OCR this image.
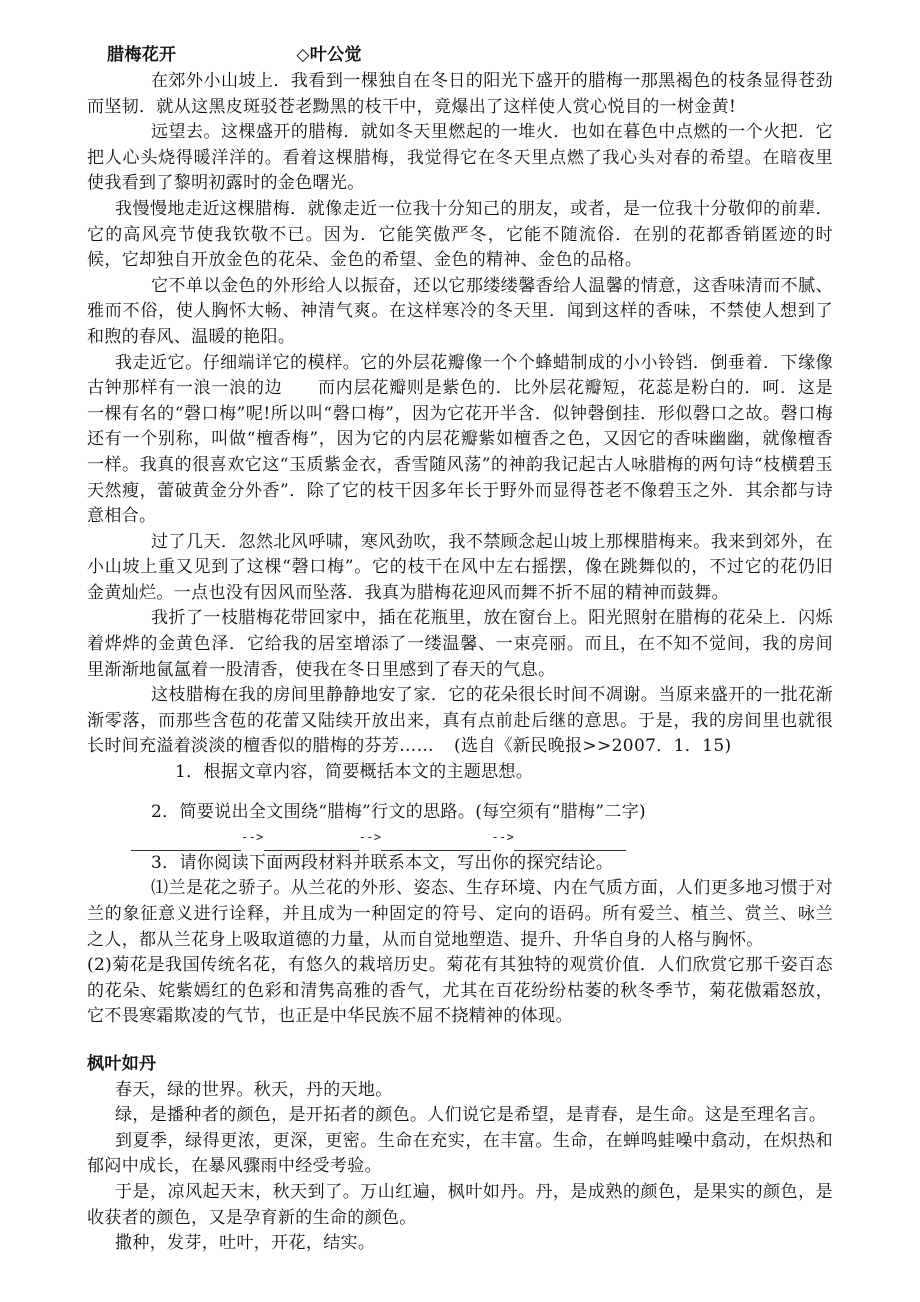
腊梅花开	◇叶公觉

在郊外小山坡上．我看到一棵独自在冬日的阳光下盛开的腊梅一那黑褐色的枝条显得苍劲而坚韧．就从这黑皮斑驳苍老黝黑的枝干中，竟爆出了这样使人赏心悦目的一树金黄!

远望去。这棵盛开的腊梅．就如冬天里燃起的一堆火．也如在暮色中点燃的一个火把．它把人心头烧得暖洋洋的。看着这棵腊梅，我觉得它在冬天里点燃了我心头对春的希望。在暗夜里使我看到了黎明初露时的金色曙光。

我慢慢地走近这棵腊梅．就像走近一位我十分知己的朋友，或者，是一位我十分敬仰的前辈．它的高风亮节使我钦敬不已。因为．它能笑傲严冬，它能不随流俗．在别的花都香销匿迹的时候，它却独自开放金色的花朵、金色的希望、金色的精神、金色的品格。

它不单以金色的外形给人以振奋，还以它那缕缕馨香给人温馨的情意，这香味清而不腻、雅而不俗，使人胸怀大畅、神清气爽。在这样寒冷的冬天里．闻到这样的香味，不禁使人想到了和煦的春风、温暖的艳阳。

我走近它。仔细端详它的模样。它的外层花瓣像一个个蜂蜡制成的小小铃铛．倒垂着．下缘像古钟那样有一浪一浪的边　　而内层花瓣则是紫色的．比外层花瓣短，花蕊是粉白的．呵．这是一棵有名的“磬口梅”呢!所以叫“磬口梅”，因为它花开半含．似钟磬倒挂．形似磬口之故。磬口梅还有一个别称，叫做“檀香梅”，因为它的内层花瓣紫如檀香之色，又因它的香味幽幽，就像檀香一样。我真的很喜欢它这“玉质紫金衣，香雪随风荡”的神韵我记起古人咏腊梅的两句诗“枝横碧玉天然瘦，蕾破黄金分外香”．除了它的枝干因多年长于野外而显得苍老不像碧玉之外．其余都与诗意相合。

过了几天．忽然北风呼啸，寒风劲吹，我不禁顾念起山坡上那棵腊梅来。我来到郊外，在小山坡上重又见到了这棵“磬口梅”。它的枝干在风中左右摇摆，像在跳舞似的，不过它的花仍旧金黄灿烂。一点也没有因风而坠落．我真为腊梅花迎风而舞不折不屈的精神而鼓舞。

我折了一枝腊梅花带回家中，插在花瓶里，放在窗台上。阳光照射在腊梅的花朵上．闪烁着烨烨的金黄色泽．它给我的居室增添了一缕温馨、一束亮丽。而且，在不知不觉间，我的房间里渐渐地氤氲着一股清香，使我在冬日里感到了春天的气息。

这枝腊梅在我的房间里静静地安了家．它的花朵很长时间不凋谢。当原来盛开的一批花渐渐零落，而那些含苞的花蕾又陆续开放出来，真有点前赴后继的意思。于是，我的房间里也就很长时间充溢着淡淡的檀香似的腊梅的芬芳…… (选自《新民晚报>>2007．1．15)

1．根据文章内容，简要概括本文的主题思想。

2．简要说出全文围绕“腊梅”行文的思路。(每空须有“腊梅”二字)

-->	-->	-->

3．请你阅读下面两段材料并联系本文，写出你的探究结论。

⑴兰是花之骄子。从兰花的外形、姿态、生存环境、内在气质方面，人们更多地习惯于对兰的象征意义进行诠释，并且成为一种固定的符号、定向的语码。所有爱兰、植兰、赏兰、咏兰之人，都从兰花身上吸取道德的力量，从而自觉地塑造、提升、升华自身的人格与胸怀。

(2)菊花是我国传统名花，有悠久的栽培历史。菊花有其独特的观赏价值．人们欣赏它那千姿百态的花朵、姹紫嫣红的色彩和清隽高雅的香气，尤其在百花纷纷枯萎的秋冬季节，菊花傲霜怒放，它不畏寒霜欺凌的气节，也正是中华民族不屈不挠精神的体现。

枫叶如丹

春天，绿的世界。秋天，丹的天地。

绿，是播种者的颜色，是开拓者的颜色。人们说它是希望，是青春，是生命。这是至理名言。

到夏季，绿得更浓，更深，更密。生命在充实，在丰富。生命，在蝉鸣蛙噪中翕动，在炽热和郁闷中成长，在暴风骤雨中经受考验。

于是，凉风起天末，秋天到了。万山红遍，枫叶如丹。丹，是成熟的颜色，是果实的颜色，是收获者的颜色，又是孕育新的生命的颜色。

撒种，发芽，吐叶，开花，结实。
